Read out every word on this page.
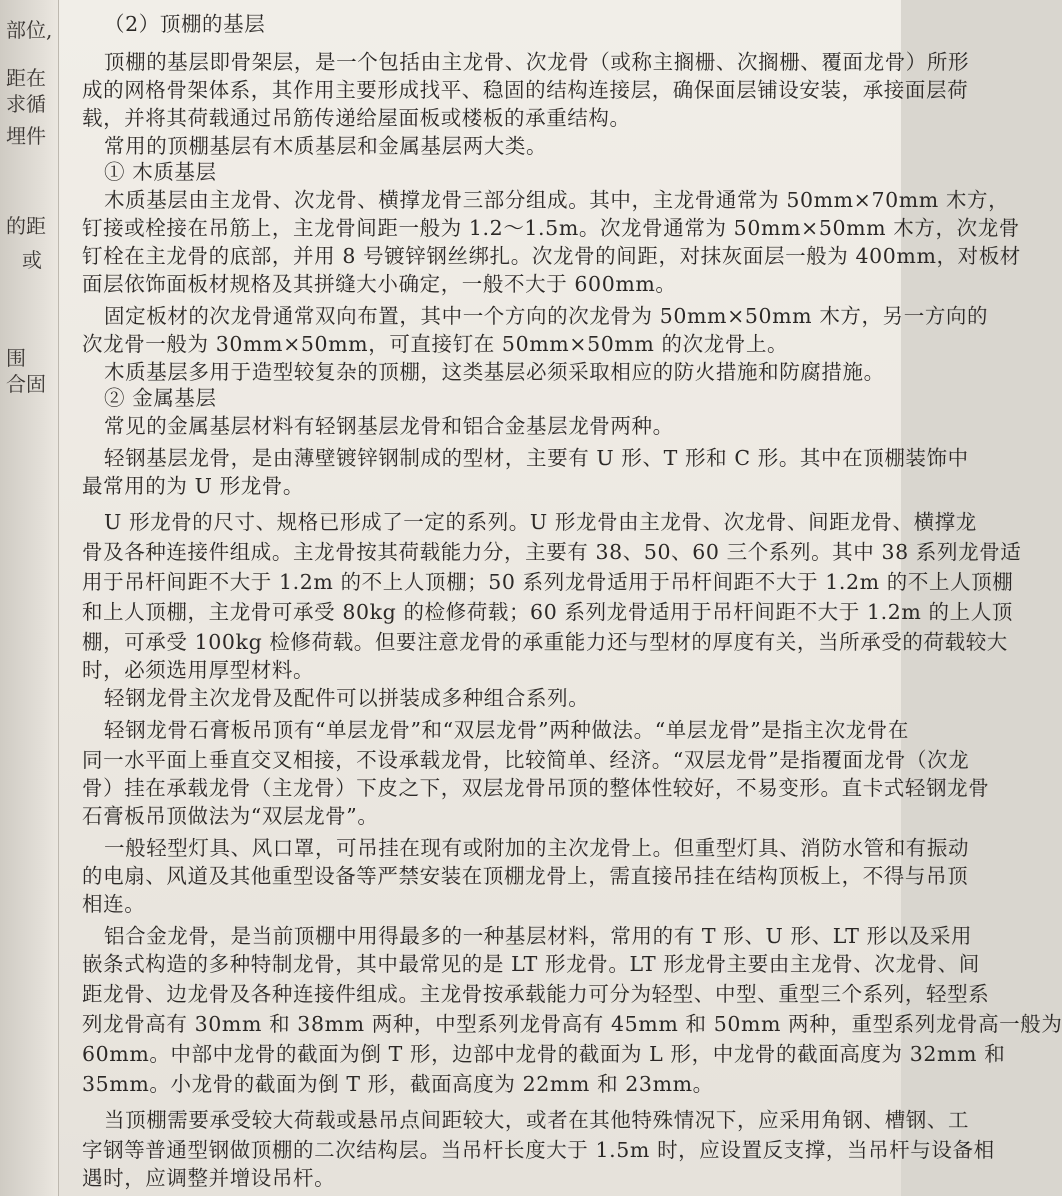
部位,
距在
求循
埋件
的距
或
围
合固
（2）顶棚的基层
顶棚的基层即骨架层，是一个包括由主龙骨、次龙骨（或称主搁栅、次搁栅、覆面龙骨）所形
成的网格骨架体系，其作用主要形成找平、稳固的结构连接层，确保面层铺设安装，承接面层荷
载，并将其荷载通过吊筋传递给屋面板或楼板的承重结构。
常用的顶棚基层有木质基层和金属基层两大类。
① 木质基层
木质基层由主龙骨、次龙骨、横撑龙骨三部分组成。其中，主龙骨通常为 50mm×70mm 木方，
钉接或栓接在吊筋上，主龙骨间距一般为 1.2～1.5m。次龙骨通常为 50mm×50mm 木方，次龙骨
钉栓在主龙骨的底部，并用 8 号镀锌钢丝绑扎。次龙骨的间距，对抹灰面层一般为 400mm，对板材
面层依饰面板材规格及其拼缝大小确定，一般不大于 600mm。
固定板材的次龙骨通常双向布置，其中一个方向的次龙骨为 50mm×50mm 木方，另一方向的
次龙骨一般为 30mm×50mm，可直接钉在 50mm×50mm 的次龙骨上。
木质基层多用于造型较复杂的顶棚，这类基层必须采取相应的防火措施和防腐措施。
② 金属基层
常见的金属基层材料有轻钢基层龙骨和铝合金基层龙骨两种。
轻钢基层龙骨，是由薄壁镀锌钢制成的型材，主要有 U 形、T 形和 C 形。其中在顶棚装饰中
最常用的为 U 形龙骨。
U 形龙骨的尺寸、规格已形成了一定的系列。U 形龙骨由主龙骨、次龙骨、间距龙骨、横撑龙
骨及各种连接件组成。主龙骨按其荷载能力分，主要有 38、50、60 三个系列。其中 38 系列龙骨适
用于吊杆间距不大于 1.2m 的不上人顶棚；50 系列龙骨适用于吊杆间距不大于 1.2m 的不上人顶棚
和上人顶棚，主龙骨可承受 80kg 的检修荷载；60 系列龙骨适用于吊杆间距不大于 1.2m 的上人顶
棚，可承受 100kg 检修荷载。但要注意龙骨的承重能力还与型材的厚度有关，当所承受的荷载较大
时，必须选用厚型材料。
轻钢龙骨主次龙骨及配件可以拼装成多种组合系列。
轻钢龙骨石膏板吊顶有“单层龙骨”和“双层龙骨”两种做法。“单层龙骨”是指主次龙骨在
同一水平面上垂直交叉相接，不设承载龙骨，比较简单、经济。“双层龙骨”是指覆面龙骨（次龙
骨）挂在承载龙骨（主龙骨）下皮之下，双层龙骨吊顶的整体性较好，不易变形。直卡式轻钢龙骨
石膏板吊顶做法为“双层龙骨”。
一般轻型灯具、风口罩，可吊挂在现有或附加的主次龙骨上。但重型灯具、消防水管和有振动
的电扇、风道及其他重型设备等严禁安装在顶棚龙骨上，需直接吊挂在结构顶板上，不得与吊顶
相连。
铝合金龙骨，是当前顶棚中用得最多的一种基层材料，常用的有 T 形、U 形、LT 形以及采用
嵌条式构造的多种特制龙骨，其中最常见的是 LT 形龙骨。LT 形龙骨主要由主龙骨、次龙骨、间
距龙骨、边龙骨及各种连接件组成。主龙骨按承载能力可分为轻型、中型、重型三个系列，轻型系
列龙骨高有 30mm 和 38mm 两种，中型系列龙骨高有 45mm 和 50mm 两种，重型系列龙骨高一般为
60mm。中部中龙骨的截面为倒 T 形，边部中龙骨的截面为 L 形，中龙骨的截面高度为 32mm 和
35mm。小龙骨的截面为倒 T 形，截面高度为 22mm 和 23mm。
当顶棚需要承受较大荷载或悬吊点间距较大，或者在其他特殊情况下，应采用角钢、槽钢、工
字钢等普通型钢做顶棚的二次结构层。当吊杆长度大于 1.5m 时，应设置反支撑，当吊杆与设备相
遇时，应调整并增设吊杆。
